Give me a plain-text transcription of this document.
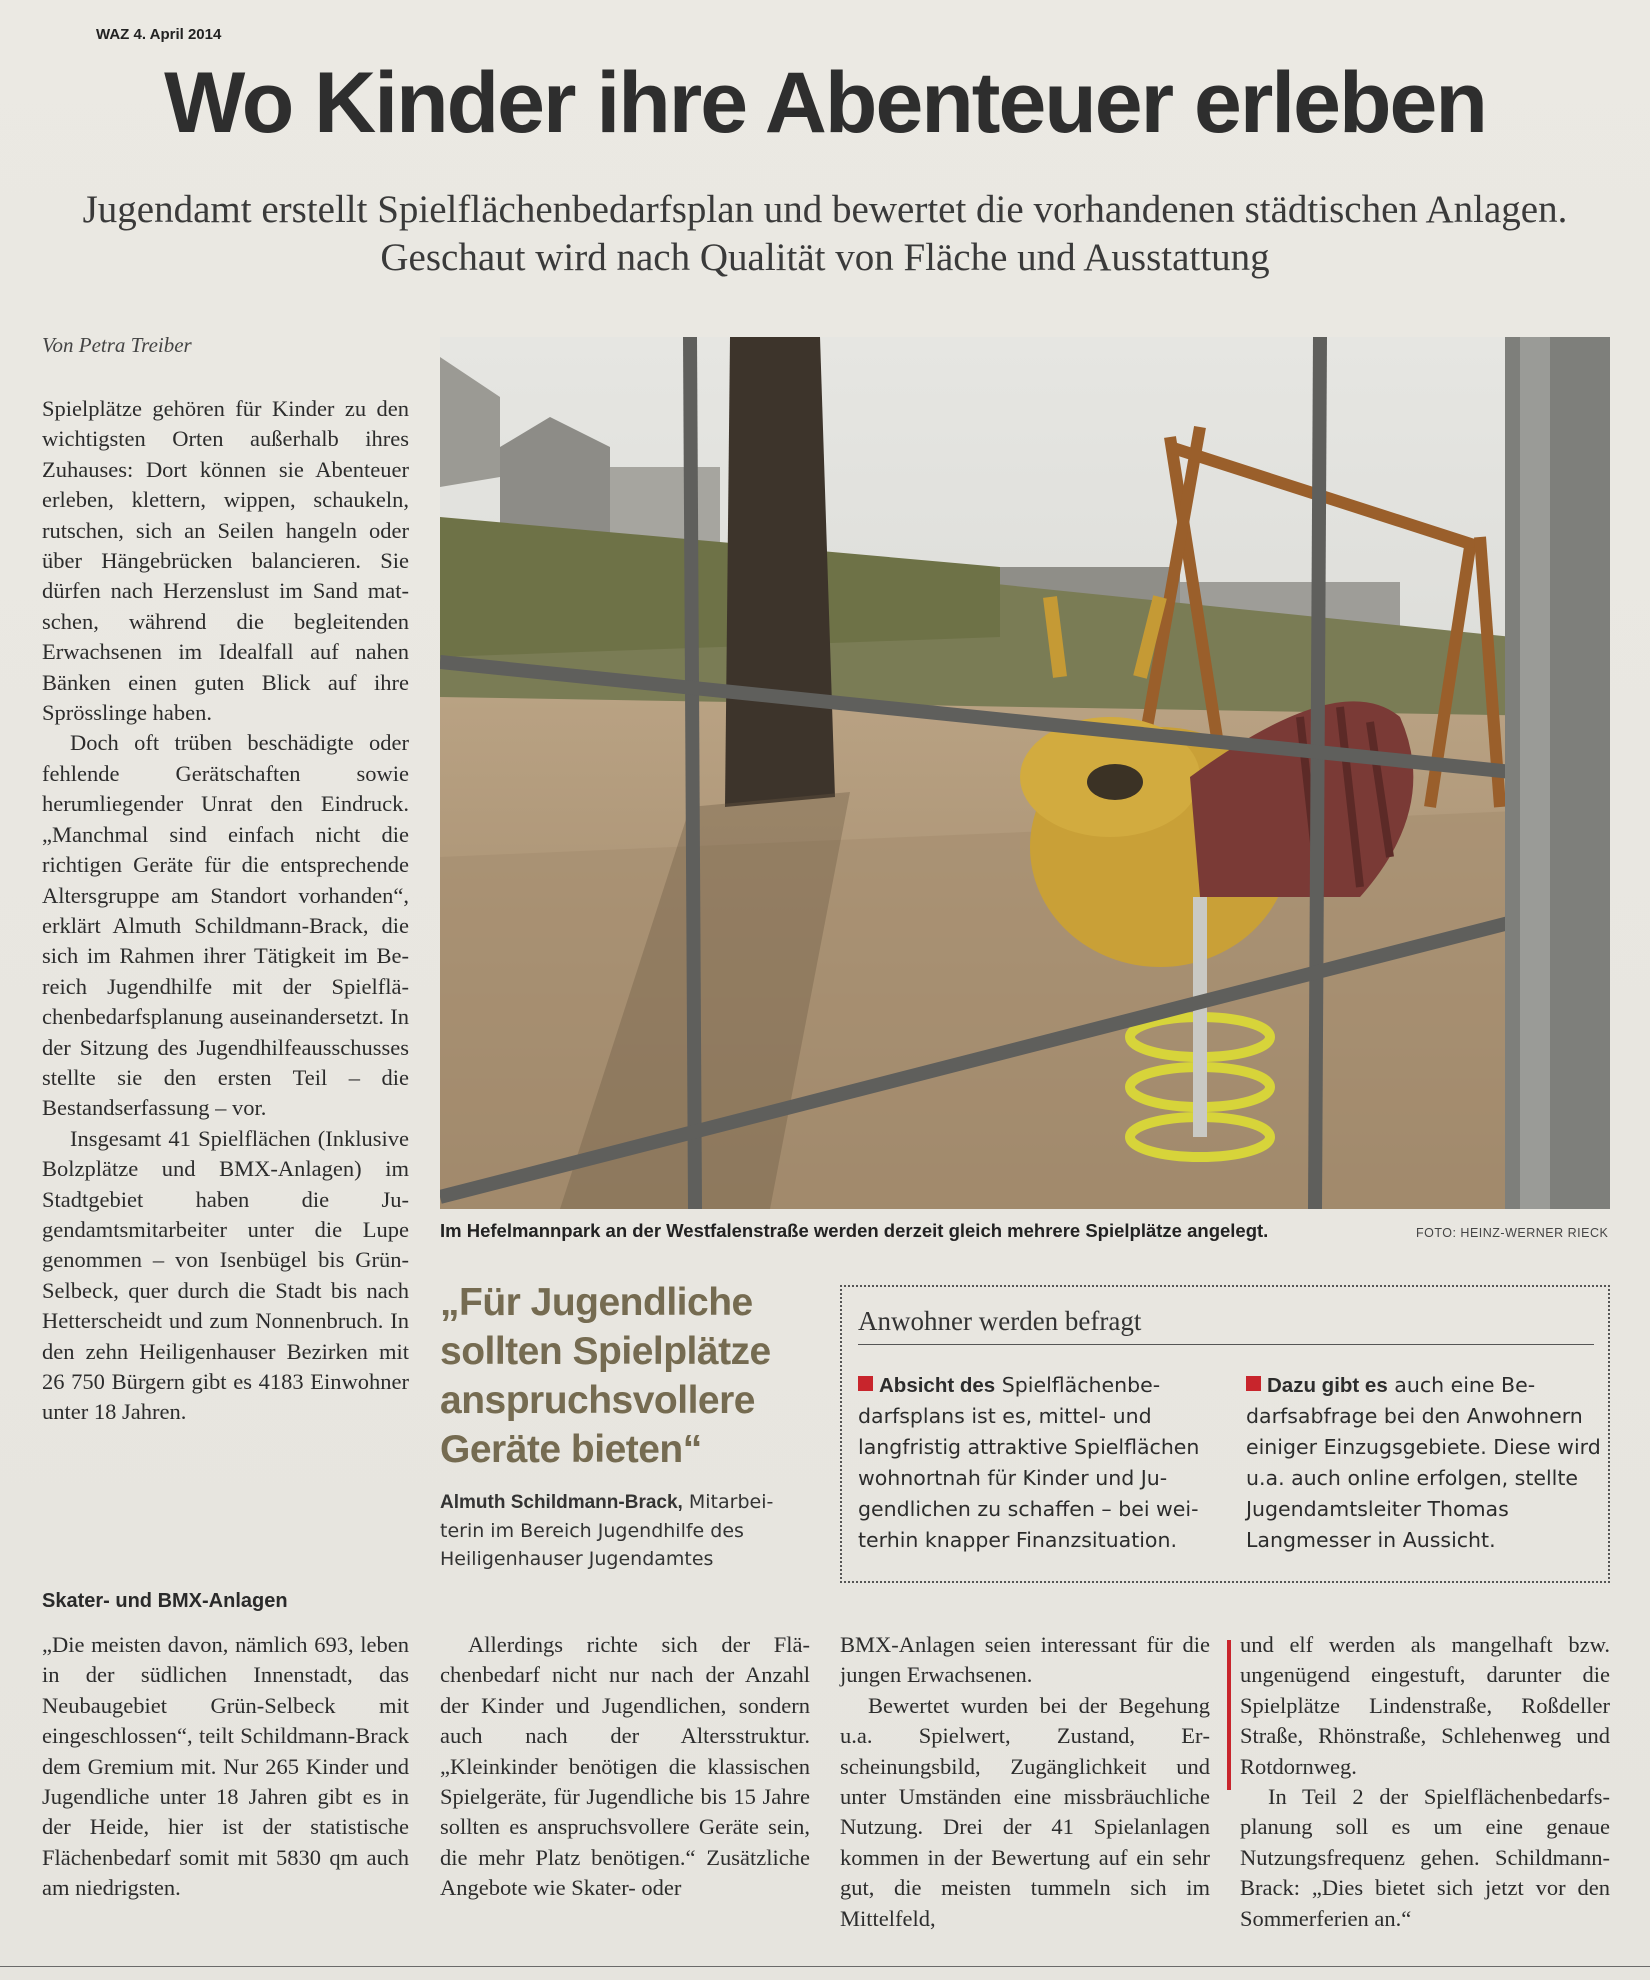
WAZ 4. April 2014
Wo Kinder ihre Abenteuer erleben
Jugendamt erstellt Spielflächenbedarfsplan und bewertet die vorhandenen städtischen Anlagen. Geschaut wird nach Qualität von Fläche und Ausstattung
Von Petra Treiber

Spielplätze gehören für Kinder zu den wichtigsten Orten außerhalb ihres Zuhauses: Dort können sie Abenteuer erleben, klettern, wippen, schaukeln, rutschen, sich an Seilen hangeln oder über Hängebrücken balancieren. Sie dürfen nach Herzenslust im Sand matschen, während die begleitenden Erwachsenen im Idealfall auf nahen Bänken einen guten Blick auf ihre Sprösslinge haben.

Doch oft trüben beschädigte oder fehlende Gerätschaften sowie herumliegender Unrat den Eindruck. „Manchmal sind einfach nicht die richtigen Geräte für die entsprechende Altersgruppe am Standort vorhanden“, erklärt Almuth Schildmann-Brack, die sich im Rahmen ihrer Tätigkeit im Bereich Jugendhilfe mit der Spielflächenbedarfsplanung auseinandersetzt. In der Sitzung des Jugendhilfeausschusses stellte sie den ersten Teil – die Bestandserfassung – vor.

Insgesamt 41 Spielflächen (Inklusive Bolzplätze und BMX-Anlagen) im Stadtgebiet haben die Jugendamtsmitarbeiter unter die Lupe genommen – von Isenbügel bis Grün-Selbeck, quer durch die Stadt bis nach Hetterscheidt und zum Nonnenbruch. In den zehn Heiligenhauser Bezirken mit 26 750 Bürgern gibt es 4183 Einwohner unter 18 Jahren.

Skater- und BMX-Anlagen

„Die meisten davon, nämlich 693, leben in der südlichen Innenstadt, das Neubaugebiet Grün-Selbeck mit eingeschlossen“, teilt Schildmann-Brack dem Gremium mit. Nur 265 Kinder und Jugendliche unter 18 Jahren gibt es in der Heide, hier ist der statistische Flächenbedarf somit mit 5830 qm auch am niedrigsten.

Im Hefelmannpark an der Westfalenstraße werden derzeit gleich mehrere Spielplätze angelegt.	FOTO: HEINZ-WERNER RIECK
„Für Jugendliche sollten Spielplätze anspruchsvollere Geräte bieten“
Almuth Schildmann-Brack, Mitarbeiterin im Bereich Jugendhilfe des Heiligenhauser Jugendamtes
Anwohner werden befragt
Absicht des Spielflächenbedarfsplans ist es, mittel- und langfristig attraktive Spielflächen wohnortnah für Kinder und Jugendlichen zu schaffen – bei weiterhin knapper Finanzsituation.
Dazu gibt es auch eine Bedarfsabfrage bei den Anwohnern einiger Einzugsgebiete. Diese wird u.a. auch online erfolgen, stellte Jugendamtsleiter Thomas Langmesser in Aussicht.

Allerdings richte sich der Flächenbedarf nicht nur nach der Anzahl der Kinder und Jugendlichen, sondern auch nach der Altersstruktur. „Kleinkinder benötigen die klassischen Spielgeräte, für Jugendliche bis 15 Jahre sollten es anspruchsvollere Geräte sein, die mehr Platz benötigen.“ Zusätzliche Angebote wie Skater- oder

BMX-Anlagen seien interessant für die jungen Erwachsenen.

Bewertet wurden bei der Begehung u.a. Spielwert, Zustand, Erscheinungsbild, Zugänglichkeit und unter Umständen eine missbräuchliche Nutzung. Drei der 41 Spielanlagen kommen in der Bewertung auf ein sehr gut, die meisten tummeln sich im Mittelfeld,

und elf werden als mangelhaft bzw. ungenügend eingestuft, darunter die Spielplätze Lindenstraße, Roßdeller Straße, Rhönstraße, Schlehenweg und Rotdornweg.

In Teil 2 der Spielflächenbedarfsplanung soll es um eine genaue Nutzungsfrequenz gehen. Schildmann-Brack: „Dies bietet sich jetzt vor den Sommerferien an.“
